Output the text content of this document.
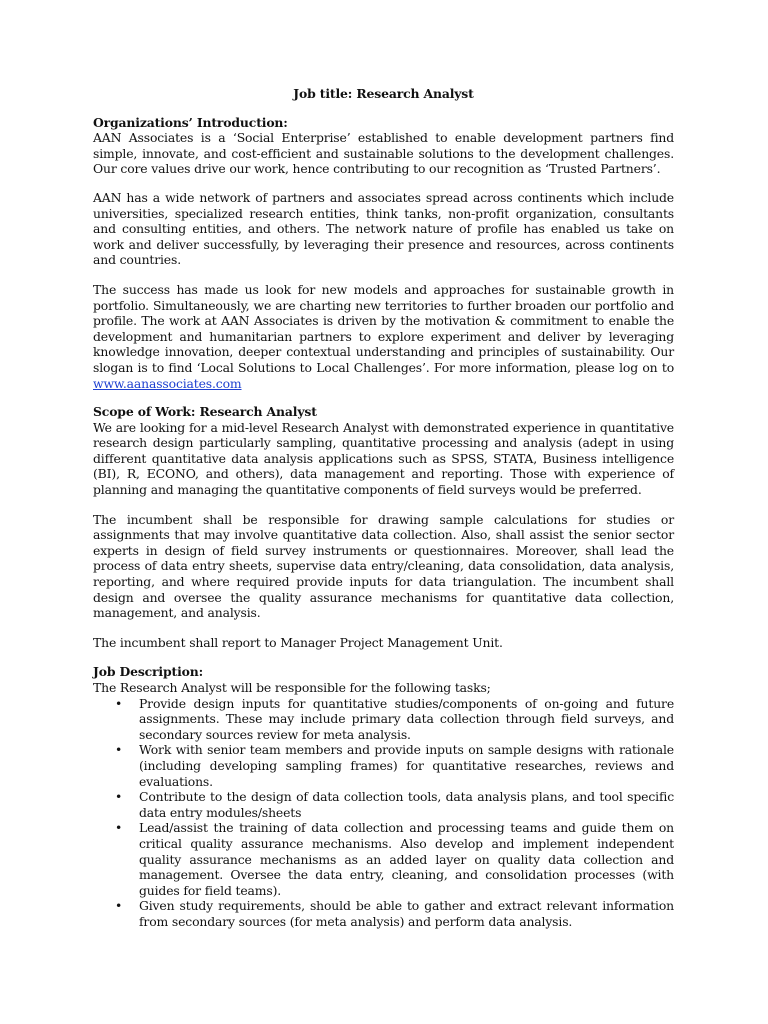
Job title: Research Analyst
Organizations’ Introduction:

AAN Associates is a ‘Social Enterprise’ established to enable development partners find simple, innovate, and cost-efficient and sustainable solutions to the development challenges. Our core values drive our work, hence contributing to our recognition as ‘Trusted Partners’.

AAN has a wide network of partners and associates spread across continents which include universities, specialized research entities, think tanks, non-profit organization, consultants and consulting entities, and others. The network nature of profile has enabled us take on work and deliver successfully, by leveraging their presence and resources, across continents and countries.

The success has made us look for new models and approaches for sustainable growth in portfolio. Simultaneously, we are charting new territories to further broaden our portfolio and profile. The work at AAN Associates is driven by the motivation & commitment to enable the development and humanitarian partners to explore experiment and deliver by leveraging knowledge innovation, deeper contextual understanding and principles of sustainability. Our slogan is to find ‘Local Solutions to Local Challenges’. For more information, please log on to www.aanassociates.com

Scope of Work: Research Analyst

We are looking for a mid-level Research Analyst with demonstrated experience in quantitative research design particularly sampling, quantitative processing and analysis (adept in using different quantitative data analysis applications such as SPSS, STATA, Business intelligence (BI), R, ECONO, and others), data management and reporting. Those with experience of planning and managing the quantitative components of field surveys would be preferred.

The incumbent shall be responsible for drawing sample calculations for studies or assignments that may involve quantitative data collection. Also, shall assist the senior sector experts in design of field survey instruments or questionnaires. Moreover, shall lead the process of data entry sheets, supervise data entry/cleaning, data consolidation, data analysis, reporting, and where required provide inputs for data triangulation. The incumbent shall design and oversee the quality assurance mechanisms for quantitative data collection, management, and analysis.

The incumbent shall report to Manager Project Management Unit.

Job Description:
The Research Analyst will be responsible for the following tasks;
• Provide design inputs for quantitative studies/components of on-going and future assignments. These may include primary data collection through field surveys, and secondary sources review for meta analysis.
• Work with senior team members and provide inputs on sample designs with rationale (including developing sampling frames) for quantitative researches, reviews and evaluations.
• Contribute to the design of data collection tools, data analysis plans, and tool specific data entry modules/sheets
• Lead/assist the training of data collection and processing teams and guide them on critical quality assurance mechanisms. Also develop and implement independent quality assurance mechanisms as an added layer on quality data collection and management. Oversee the data entry, cleaning, and consolidation processes (with guides for field teams).
• Given study requirements, should be able to gather and extract relevant information from secondary sources (for meta analysis) and perform data analysis.
